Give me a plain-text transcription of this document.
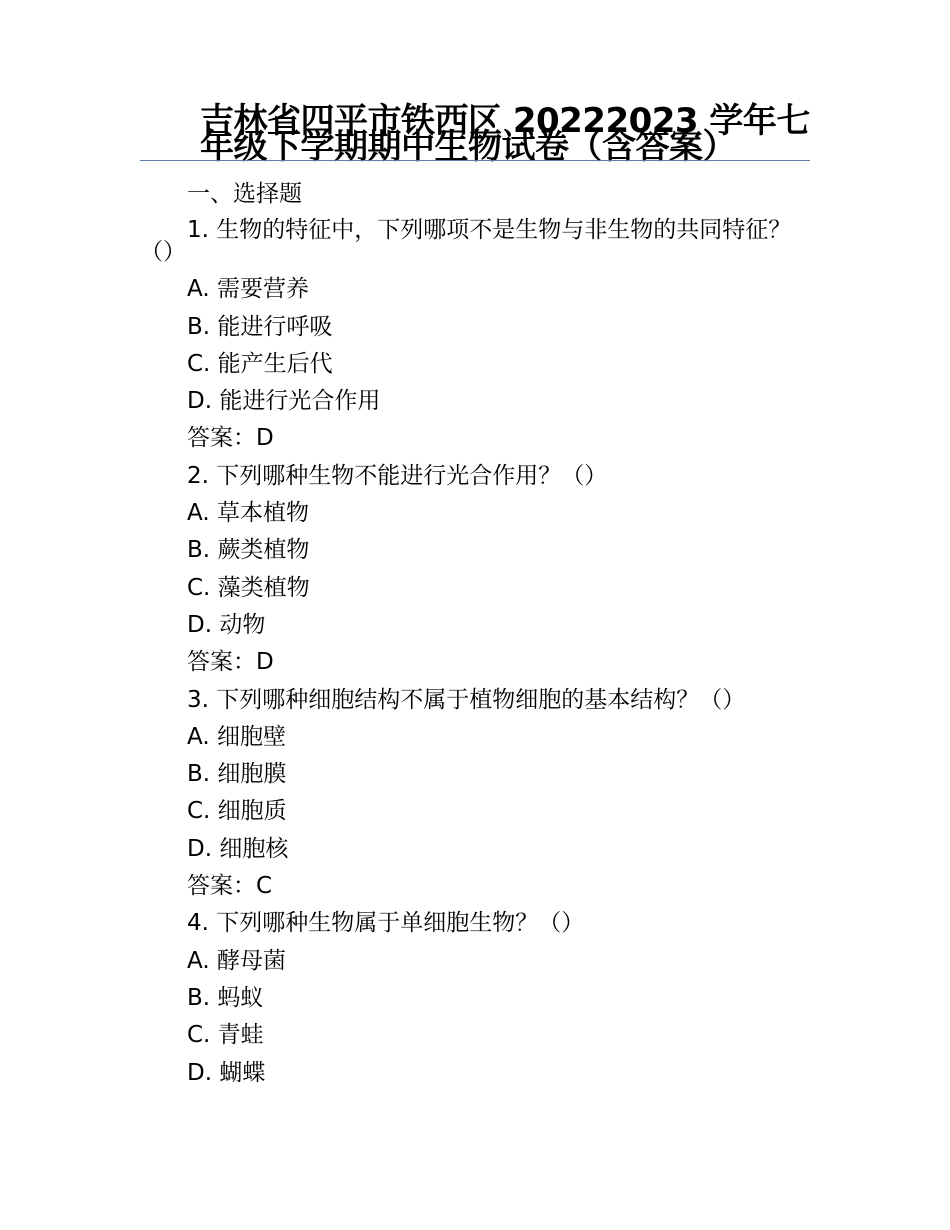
吉林省四平市铁西区 20222023 学年七年级下学期期中生物试卷（含答案）
一、选择题
1. 生物的特征中，下列哪项不是生物与非生物的共同特征？（）
A. 需要营养
B. 能进行呼吸
C. 能产生后代
D. 能进行光合作用
答案：D
2. 下列哪种生物不能进行光合作用？（）
A. 草本植物
B. 蕨类植物
C. 藻类植物
D. 动物
答案：D
3. 下列哪种细胞结构不属于植物细胞的基本结构？（）
A. 细胞壁
B. 细胞膜
C. 细胞质
D. 细胞核
答案：C
4. 下列哪种生物属于单细胞生物？（）
A. 酵母菌
B. 蚂蚁
C. 青蛙
D. 蝴蝶
